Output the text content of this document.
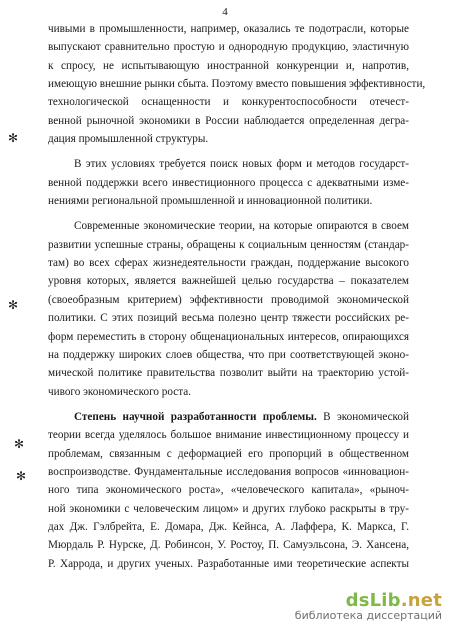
4
✻
✻
✻
✻
чивыми в промышленности, например, оказались те подотрасли, которые
выпускают сравнительно простую и однородную продукцию, эластичную
к спросу, не испытывающую иностранной конкуренции и, напротив,
имеющую внешние рынки сбыта. Поэтому вместо повышения эффективности,
технологической оснащенности и конкурентоспособности отечест-
венной рыночной экономики в России наблюдается определенная дегра-
дация промышленной структуры.
В этих условиях требуется поиск новых форм и методов государст-
венной поддержки всего инвестиционного процесса с адекватными изме-
нениями региональной промышленной и инновационной политики.
Современные экономические теории, на которые опираются в своем
развитии успешные страны, обращены к социальным ценностям (стандар-
там) во всех сферах жизнедеятельности граждан, поддержание высокого
уровня которых, является важнейшей целью государства – показателем
(своеобразным критерием) эффективности проводимой экономической
политики. С этих позиций весьма полезно центр тяжести российских ре-
форм переместить в сторону общенациональных интересов, опирающихся
на поддержку широких слоев общества, что при соответствующей эконо-
мической политике правительства позволит выйти на траекторию устой-
чивого экономического роста.
Степень научной разработанности проблемы. В экономической
теории всегда уделялось большое внимание инвестиционному процессу и
проблемам, связанным с деформацией его пропорций в общественном
воспроизводстве. Фундаментальные исследования вопросов «инновацион-
ного типа экономического роста», «человеческого капитала», «рыноч-
ной экономики с человеческим лицом» и других глубоко раскрыты в тру-
дах Дж. Гэлбрейта, Е. Домара, Дж. Кейнса, А. Лаффера, К. Маркса, Г.
Мюрдаль Р. Нурске, Д. Робинсон, У. Ростоу, П. Самуэльсона, Э. Хансена,
Р. Харрода, и других ученых. Разработанные ими теоретические аспекты
dsLib.net
библиотека диссертаций
